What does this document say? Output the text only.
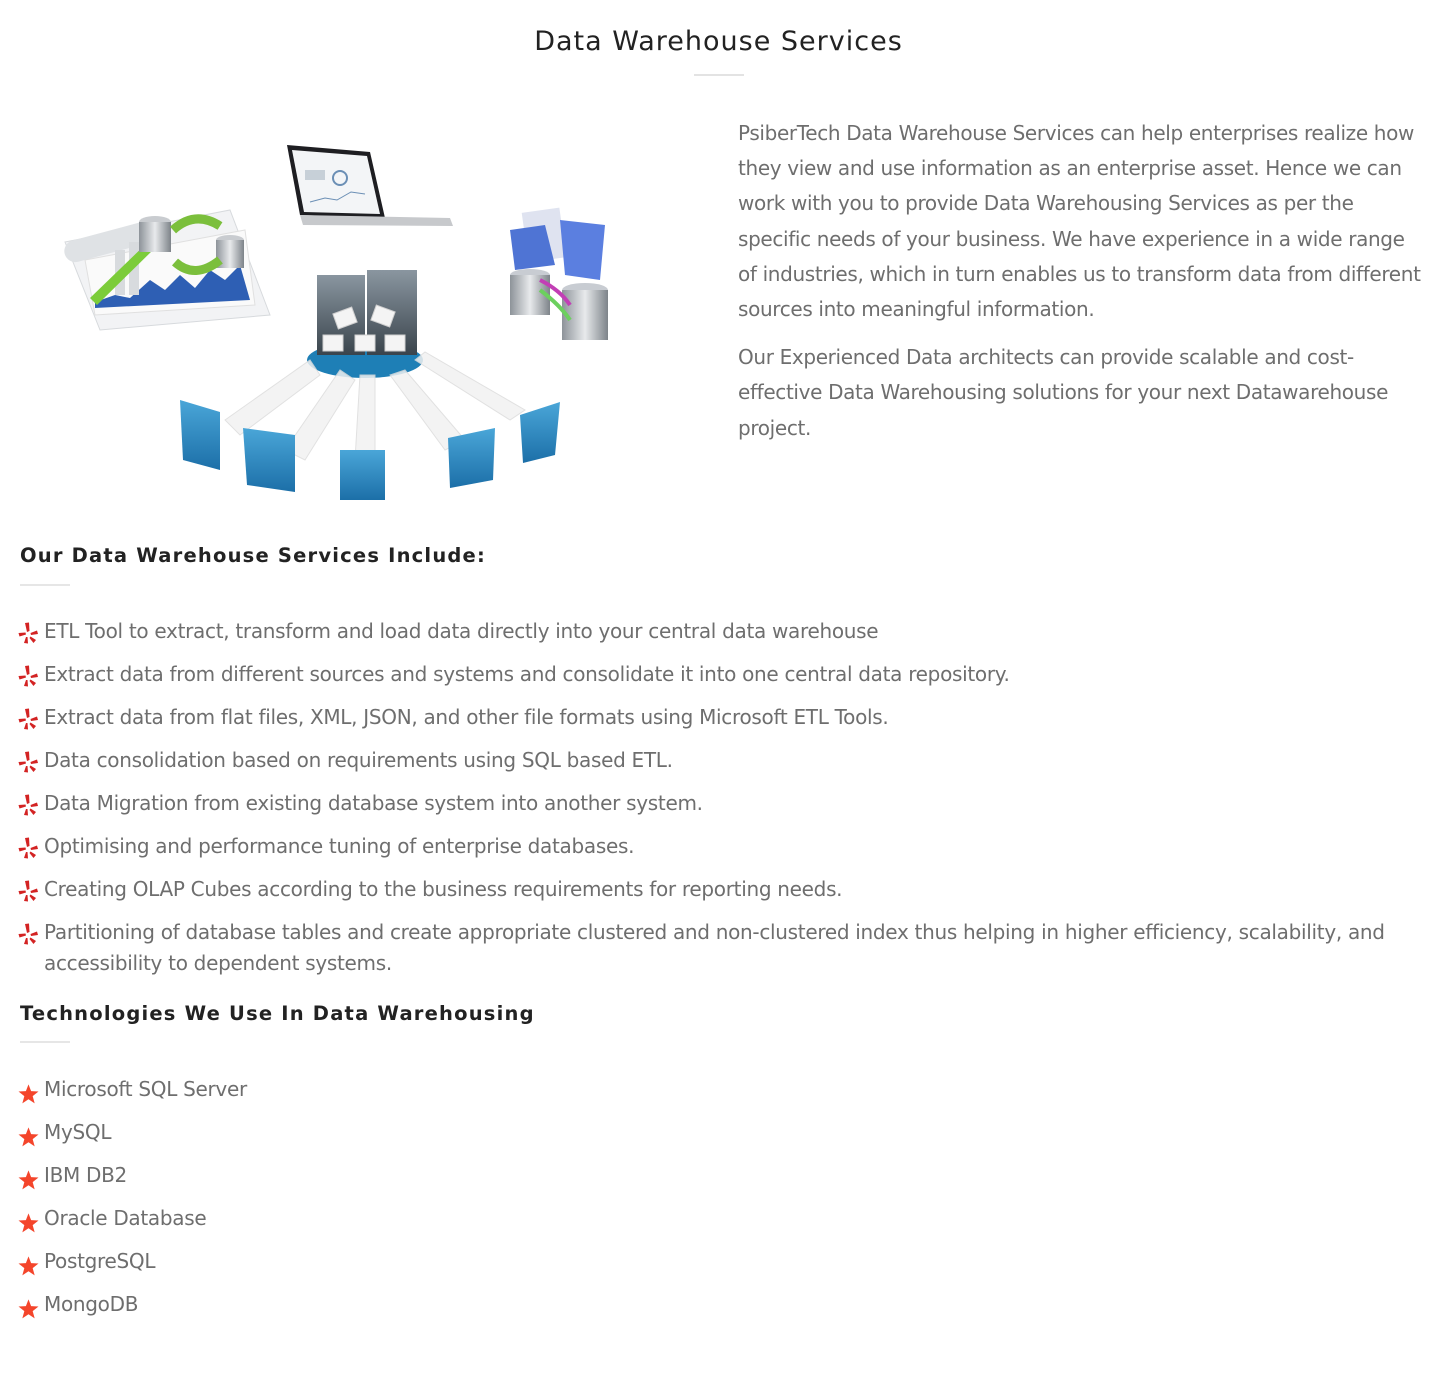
Data Warehouse Services

PsiberTech Data Warehouse Services can help enterprises realize how they view and use information as an enterprise asset. Hence we can work with you to provide Data Warehousing Services as per the specific needs of your business. We have experience in a wide range of industries, which in turn enables us to transform data from different sources into meaningful information.

Our Experienced Data architects can provide scalable and cost-effective Data Warehousing solutions for your next Datawarehouse project.

Our Data Warehouse Services Include:
ETL Tool to extract, transform and load data directly into your central data warehouse
Extract data from different sources and systems and consolidate it into one central data repository.
Extract data from flat files, XML, JSON, and other file formats using Microsoft ETL Tools.
Data consolidation based on requirements using SQL based ETL.
Data Migration from existing database system into another system.
Optimising and performance tuning of enterprise databases.
Creating OLAP Cubes according to the business requirements for reporting needs.
Partitioning of database tables and create appropriate clustered and non-clustered index thus helping in higher efficiency, scalability, and accessibility to dependent systems.
Technologies We Use In Data Warehousing
Microsoft SQL Server
MySQL
IBM DB2
Oracle Database
PostgreSQL
MongoDB
